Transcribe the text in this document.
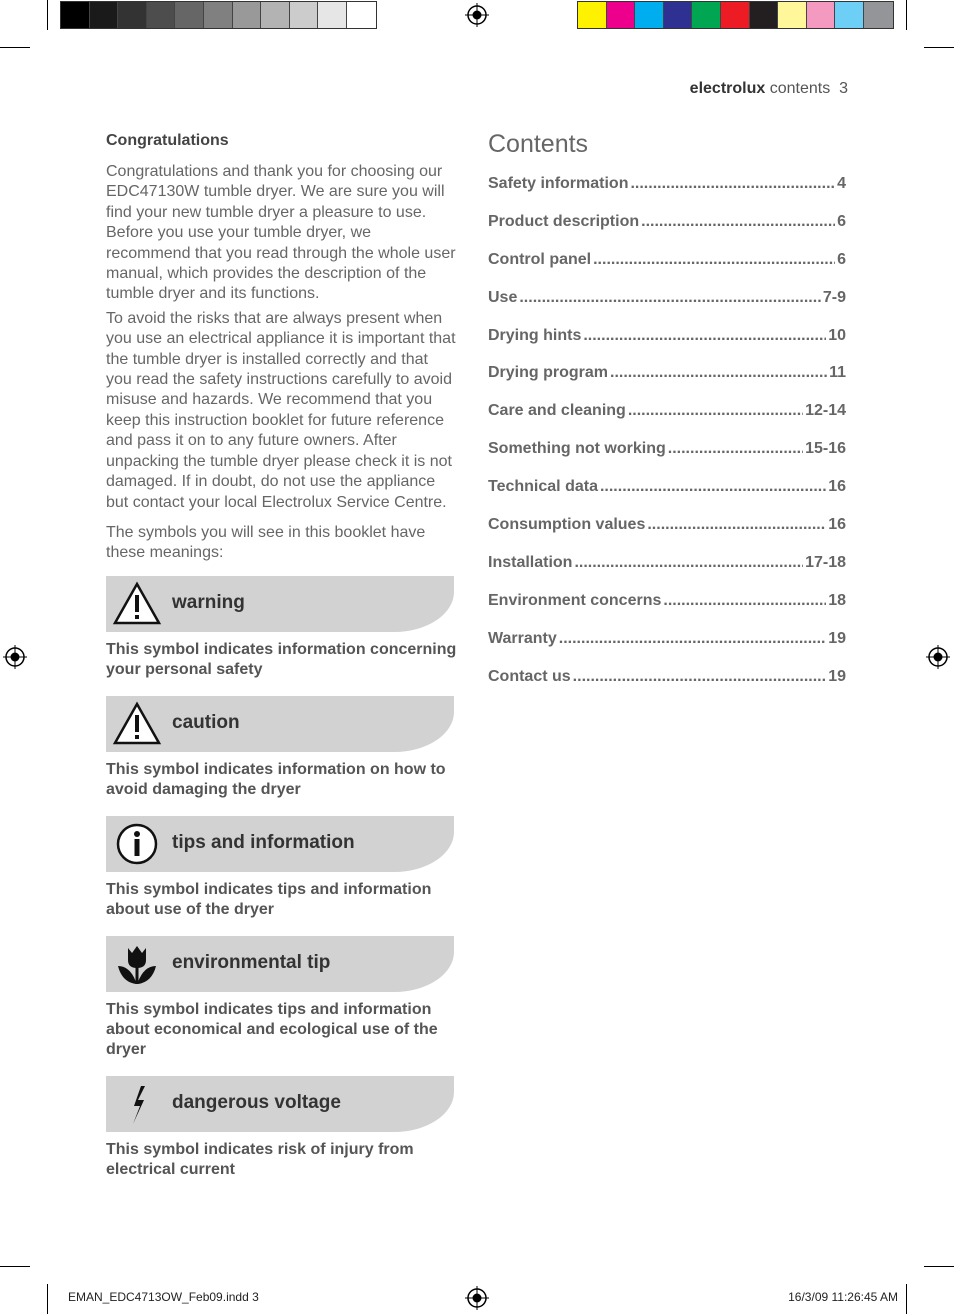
electrolux contents 3
Congratulations

Congratulations and thank you for choosing our EDC47130W tumble dryer. We are sure you will find your new tumble dryer a pleasure to use. Before you use your tumble dryer, we recommend that you read through the whole user manual, which provides the description of the tumble dryer and its functions.

To avoid the risks that are always present when you use an electrical appliance it is important that the tumble dryer is installed correctly and that you read the safety instructions carefully to avoid misuse and hazards. We recommend that you keep this instruction booklet for future reference and pass it on to any future owners. After unpacking the tumble dryer please check it is not damaged. If in doubt, do not use the appliance but contact your local Electrolux Service Centre.

The symbols you will see in this booklet have these meanings:

warning
This symbol indicates information concerning your personal safety
caution
This symbol indicates information on how to avoid damaging the dryer
tips and information
This symbol indicates tips and information about use of the dryer
environmental tip
This symbol indicates tips and information about economical and ecological use of the dryer
dangerous voltage
This symbol indicates risk of injury from electrical current
Contents
Safety information .....	4
Product description .....	6
Control panel .....	6
Use .....	7-9
Drying hints .....	10
Drying program .....	11
Care and cleaning .....	12-14
Something not working .....	15-16
Technical data .....	16
Consumption values .....	16
Installation .....	17-18
Environment concerns .....	18
Warranty .....	19
Contact us .....	19
EMAN_EDC4713OW_Feb09.indd 3	16/3/09 11:26:45 AM
